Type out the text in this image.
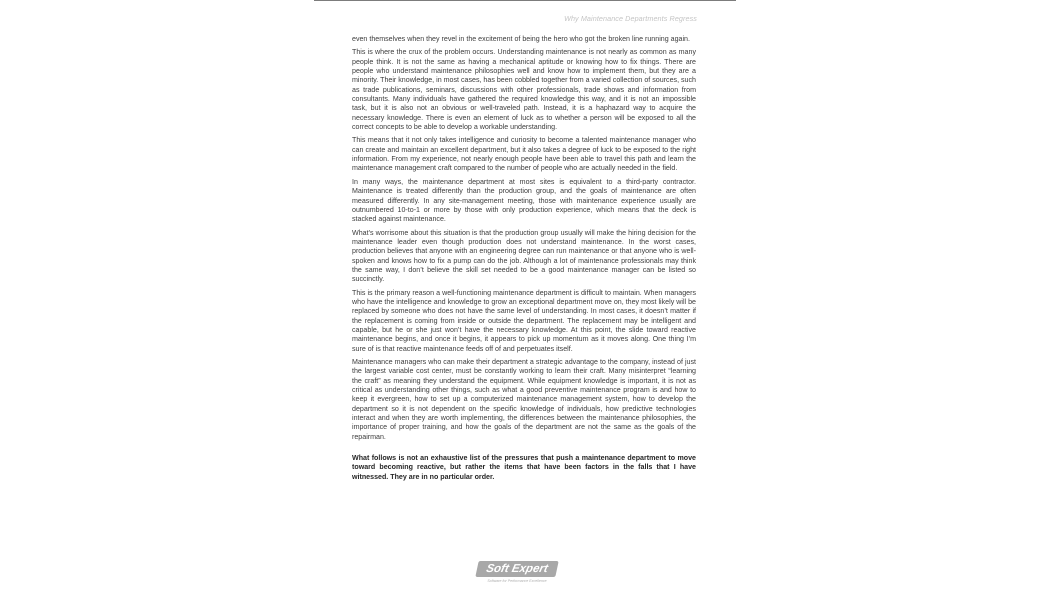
Why Maintenance Departments Regress

even themselves when they revel in the excitement of being the hero who got the broken line running again.

This is where the crux of the problem occurs. Understanding maintenance is not nearly as common as many people think. It is not the same as having a mechanical aptitude or knowing how to fix things. There are people who understand maintenance philosophies well and know how to implement them, but they are a minority. Their knowledge, in most cases, has been cobbled together from a varied collection of sources, such as trade publications, seminars, discussions with other professionals, trade shows and information from consultants. Many individuals have gathered the required knowledge this way, and it is not an impossible task, but it is also not an obvious or well-traveled path. Instead, it is a haphazard way to acquire the necessary knowledge. There is even an element of luck as to whether a person will be exposed to all the correct concepts to be able to develop a workable understanding.

This means that it not only takes intelligence and curiosity to become a talented maintenance manager who can create and maintain an excellent department, but it also takes a degree of luck to be exposed to the right information. From my experience, not nearly enough people have been able to travel this path and learn the maintenance management craft compared to the number of people who are actually needed in the field.

In many ways, the maintenance department at most sites is equivalent to a third-party contractor. Maintenance is treated differently than the production group, and the goals of maintenance are often measured differently. In any site-management meeting, those with maintenance experience usually are outnumbered 10-to-1 or more by those with only production experience, which means that the deck is stacked against maintenance.

What’s worrisome about this situation is that the production group usually will make the hiring decision for the maintenance leader even though production does not understand maintenance. In the worst cases, production believes that anyone with an engineering degree can run maintenance or that anyone who is well-spoken and knows how to fix a pump can do the job. Although a lot of maintenance professionals may think the same way, I don’t believe the skill set needed to be a good maintenance manager can be listed so succinctly.

This is the primary reason a well-functioning maintenance department is difficult to maintain. When managers who have the intelligence and knowledge to grow an exceptional department move on, they most likely will be replaced by someone who does not have the same level of understanding. In most cases, it doesn’t matter if the replacement is coming from inside or outside the department. The replacement may be intelligent and capable, but he or she just won’t have the necessary knowledge. At this point, the slide toward reactive maintenance begins, and once it begins, it appears to pick up momentum as it moves along. One thing I’m sure of is that reactive maintenance feeds off of and perpetuates itself.

Maintenance managers who can make their department a strategic advantage to the company, instead of just the largest variable cost center, must be constantly working to learn their craft. Many misinterpret “learning the craft” as meaning they understand the equipment. While equipment knowledge is important, it is not as critical as understanding other things, such as what a good preventive maintenance program is and how to keep it evergreen, how to set up a computerized maintenance management system, how to develop the department so it is not dependent on the specific knowledge of individuals, how predictive technologies interact and when they are worth implementing, the differences between the maintenance philosophies, the importance of proper training, and how the goals of the department are not the same as the goals of the repairman.

What follows is not an exhaustive list of the pressures that push a maintenance department to move toward becoming reactive, but rather the items that have been factors in the falls that I have witnessed. They are in no particular order.

Soft Expert
Software for Performance Excellence
